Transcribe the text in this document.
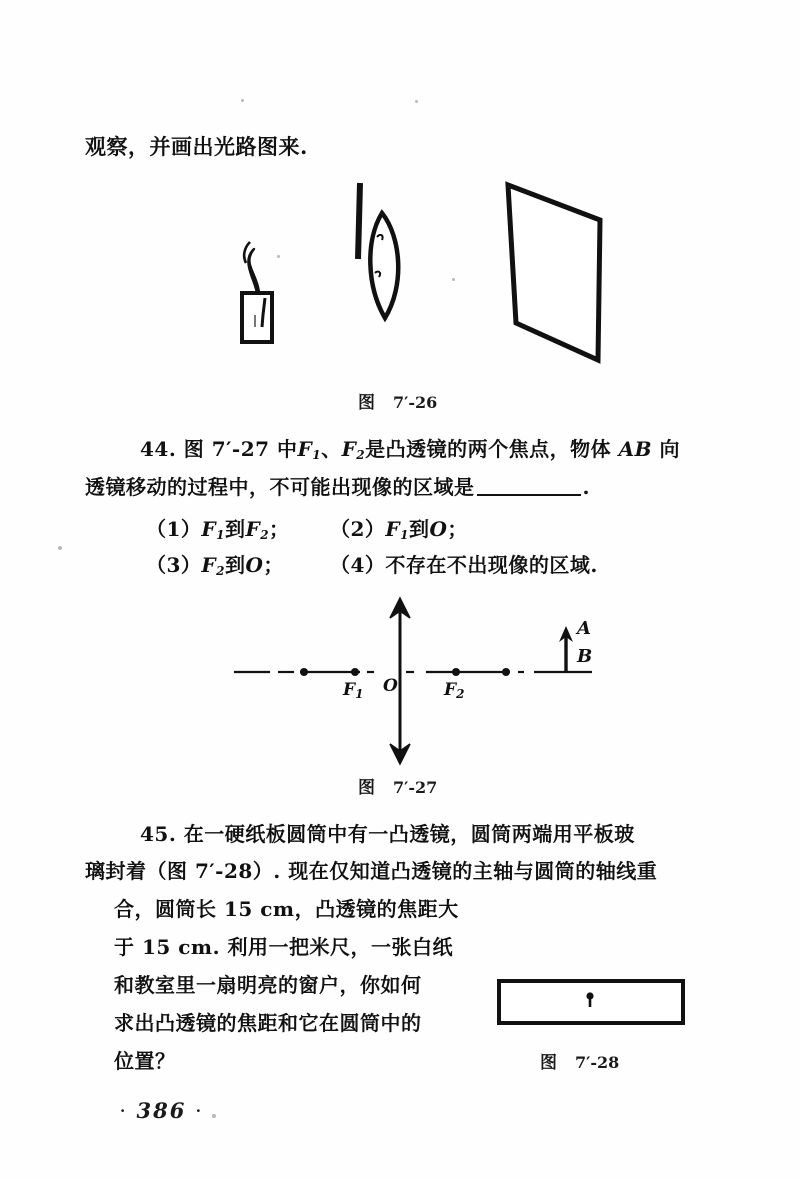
观察，并画出光路图来.
图 7′-26
44. 图 7′-27 中$F_1$、$F_2$是凸透镜的两个焦点，物体 AB 向
透镜移动的过程中，不可能出现像的区域是	.
$(1)F_1$到$F_2$； $(2)F_1$到O；
$(3)F_2$到O； （4）不存在不出现像的区域.
$F_1$ O	$F_2$
A
B
图 7′-27
45. 在一硬纸板圆筒中有一凸透镜，圆筒两端用平板玻
璃封着（图 7′-28）. 现在仅知道凸透镜的主轴与圆筒的轴线重
合，圆筒长 15 cm，凸透镜的焦距大
于 15 cm. 利用一把米尺，一张白纸
和教室里一扇明亮的窗户，你如何
求出凸透镜的焦距和它在圆筒中的
位置？	图 7′-28
· 386 ·
